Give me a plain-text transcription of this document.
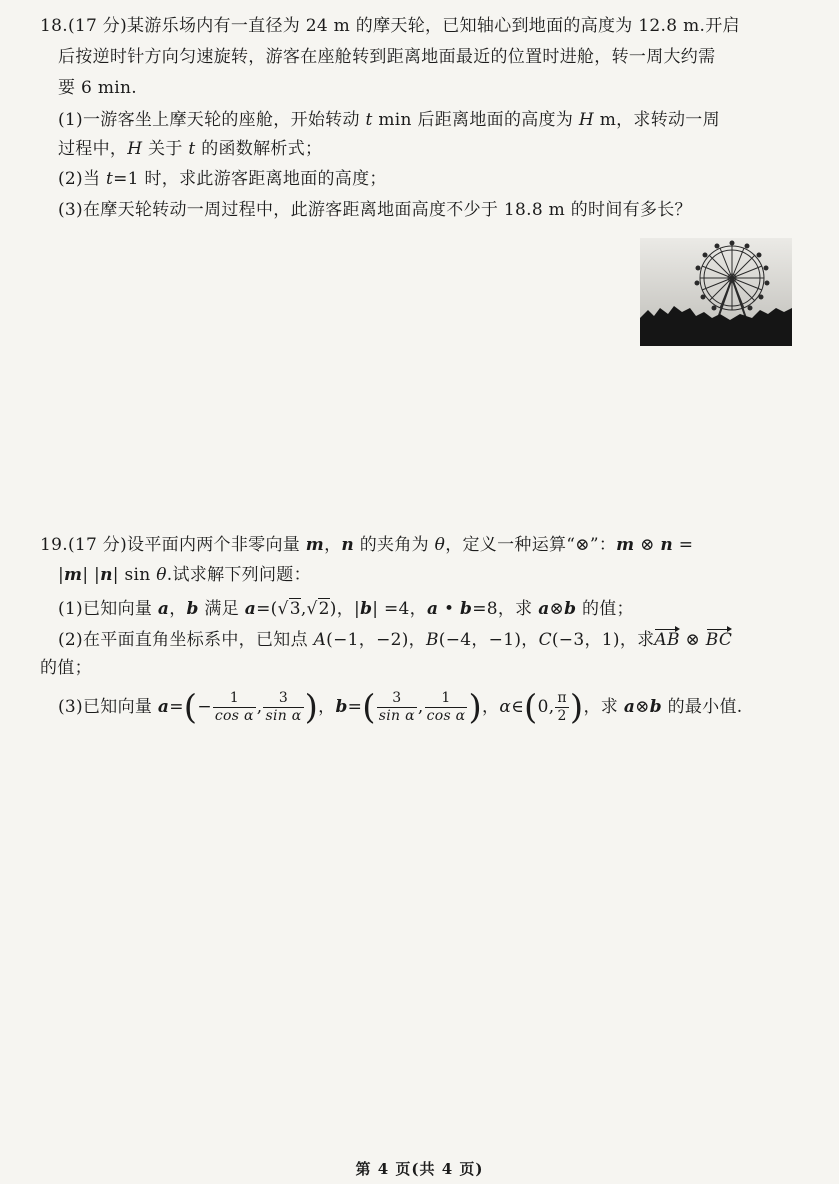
18.(17 分)某游乐场内有一直径为 24 m 的摩天轮，已知轴心到地面的高度为 12.8 m.开启
后按逆时针方向匀速旋转，游客在座舱转到距离地面最近的位置时进舱，转一周大约需
要 6 min.
(1)一游客坐上摩天轮的座舱，开始转动 t min 后距离地面的高度为 H m，求转动一周
过程中，H 关于 t 的函数解析式；
(2)当 t=1 时，求此游客距离地面的高度；
(3)在摩天轮转动一周过程中，此游客距离地面高度不少于 18.8 m 的时间有多长？
19.(17 分)设平面内两个非零向量 m，n 的夹角为 θ，定义一种运算“⊗”：m ⊗ n =
|m| |n| sin θ.试求解下列问题：
(1)已知向量 a，b 满足 a=(√3,√2)，|b| =4，a • b=8，求 a⊗b 的值；
(2)在平面直角坐标系中，已知点 A(−1，−2)，B(−4，−1)，C(−3，1)，求AB ⊗ BC
的值；
(3)已知向量 $a=(- \frac{1}{\text{cos α}}$ , $\frac{3}{\text{sin α}}$ )，$b=( \frac{3}{\text{sin α}}$ , $\frac{1}{\text{cos α}}$ )，α∈(0, $\frac{\pi}{2}$ )，求 a⊗b 的最小值.
第 4 页(共 4 页)
